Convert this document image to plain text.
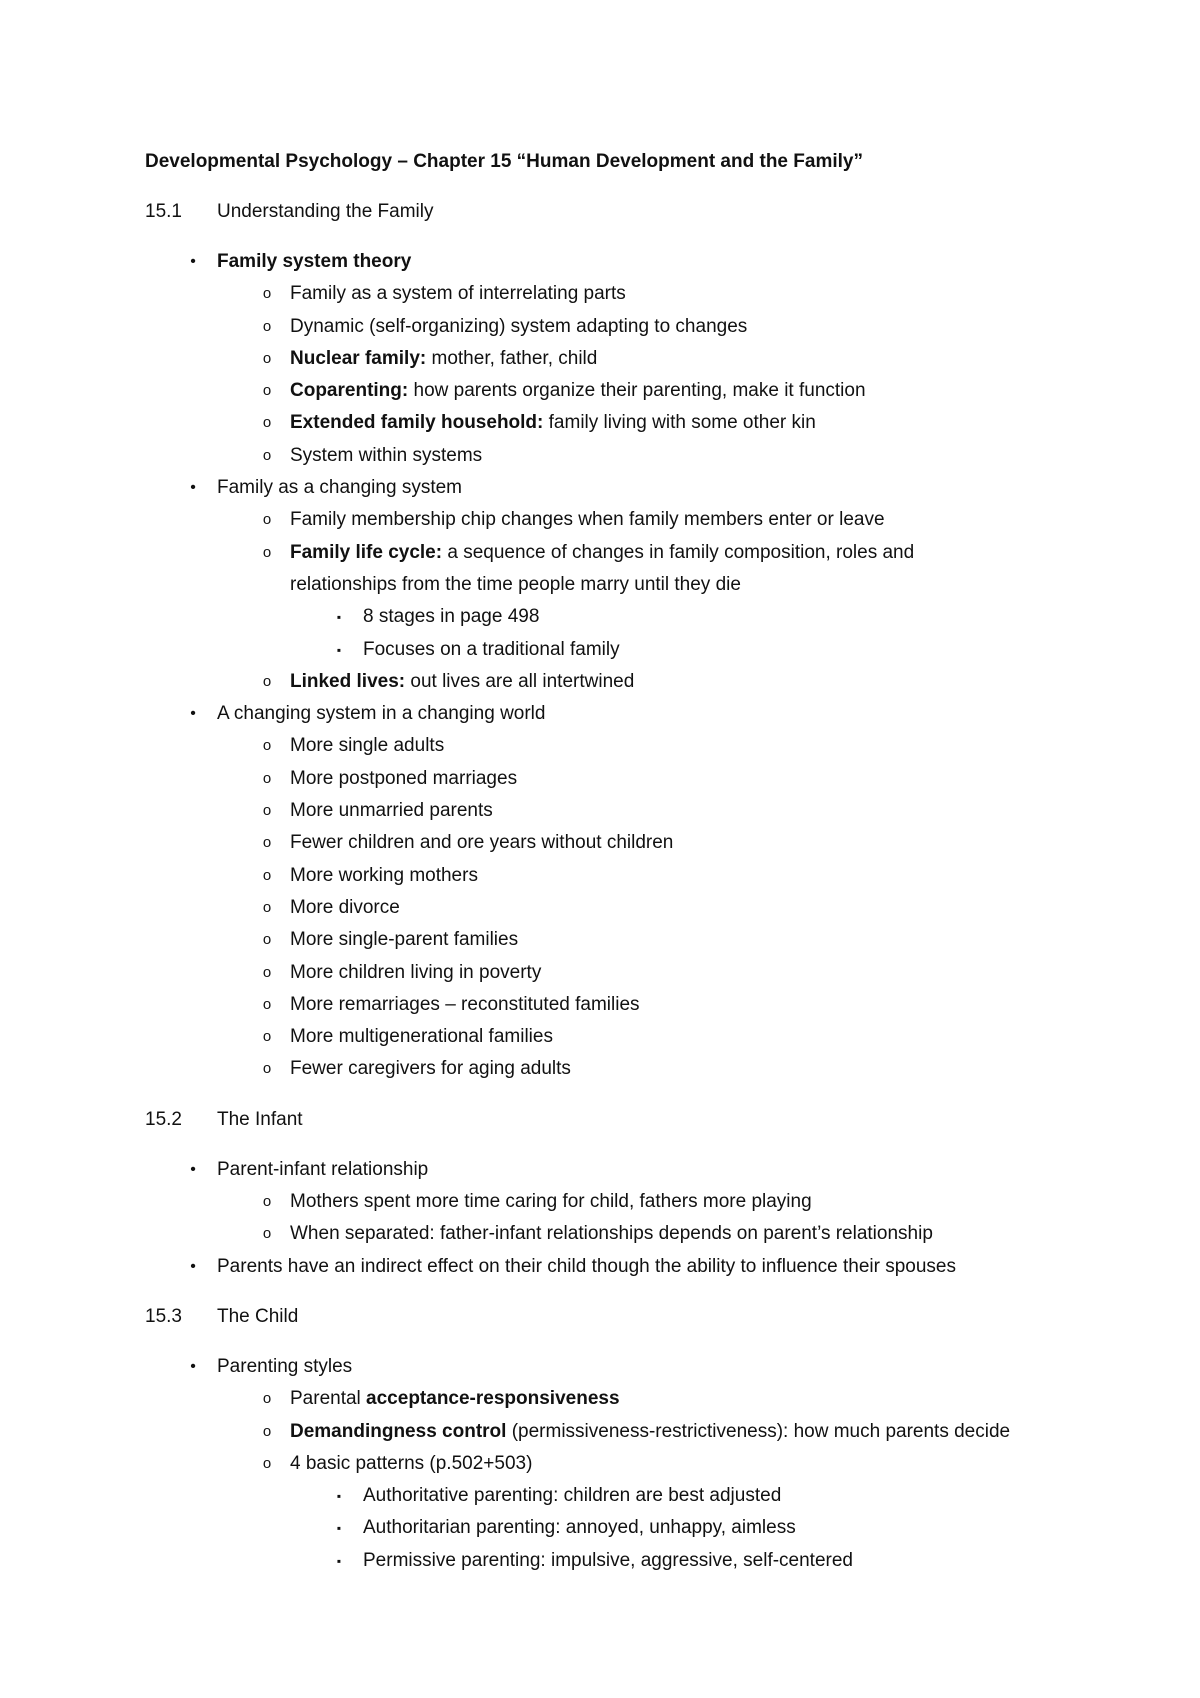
Developmental Psychology – Chapter 15 “Human Development and the Family”
15.1 Understanding the Family
•	Family system theory
o Family as a system of interrelating parts
o Dynamic (self-organizing) system adapting to changes
o Nuclear family: mother, father, child
o Coparenting: how parents organize their parenting, make it function
o Extended family household: family living with some other kin
o System within systems
•	Family as a changing system
o Family membership chip changes when family members enter or leave
o Family life cycle: a sequence of changes in family composition, roles and
relationships from the time people marry until they die
▪	8 stages in page 498
▪	Focuses on a traditional family
o Linked lives: out lives are all intertwined
•	A changing system in a changing world
o More single adults
o More postponed marriages
o More unmarried parents
o Fewer children and ore years without children
o More working mothers
o More divorce
o More single-parent families
o More children living in poverty
o More remarriages – reconstituted families
o More multigenerational families
o Fewer caregivers for aging adults
15.2 The Infant
•	Parent-infant relationship
o Mothers spent more time caring for child, fathers more playing
o When separated: father-infant relationships depends on parent’s relationship
•	Parents have an indirect effect on their child though the ability to influence their spouses
15.3 The Child
•	Parenting styles
o Parental acceptance-responsiveness
o Demandingness control (permissiveness-restrictiveness): how much parents decide
o 4 basic patterns (p.502+503)
▪	Authoritative parenting: children are best adjusted
▪	Authoritarian parenting: annoyed, unhappy, aimless
▪	Permissive parenting: impulsive, aggressive, self-centered
